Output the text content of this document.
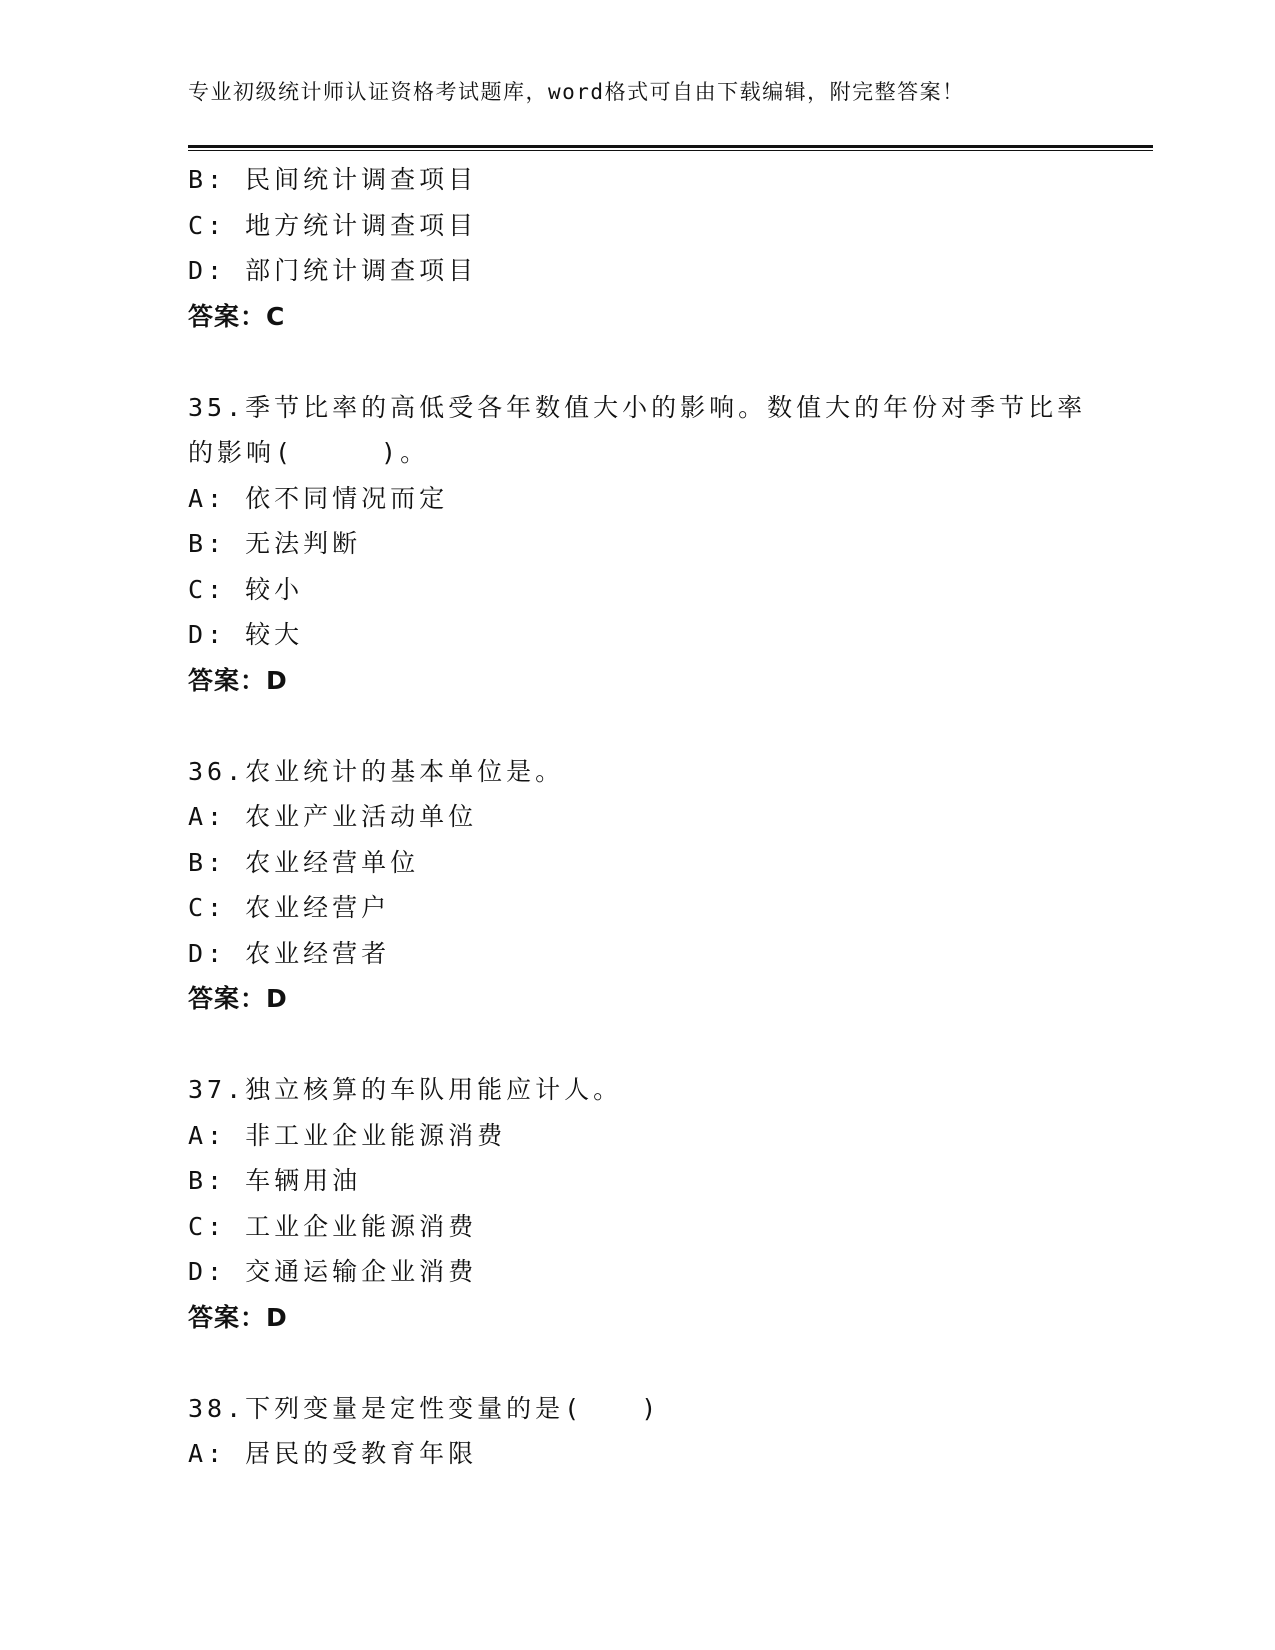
专业初级统计师认证资格考试题库，word格式可自由下载编辑，附完整答案！
B: 民间统计调查项目
C: 地方统计调查项目
D: 部门统计调查项目
答案：C
35.季节比率的高低受各年数值大小的影响。数值大的年份对季节比率
的影响(　　　)。
A: 依不同情况而定
B: 无法判断
C: 较小
D: 较大
答案：D
36.农业统计的基本单位是。
A: 农业产业活动单位
B: 农业经营单位
C: 农业经营户
D: 农业经营者
答案：D
37.独立核算的车队用能应计人。
A: 非工业企业能源消费
B: 车辆用油
C: 工业企业能源消费
D: 交通运输企业消费
答案：D
38.下列变量是定性变量的是(　　)
A: 居民的受教育年限
